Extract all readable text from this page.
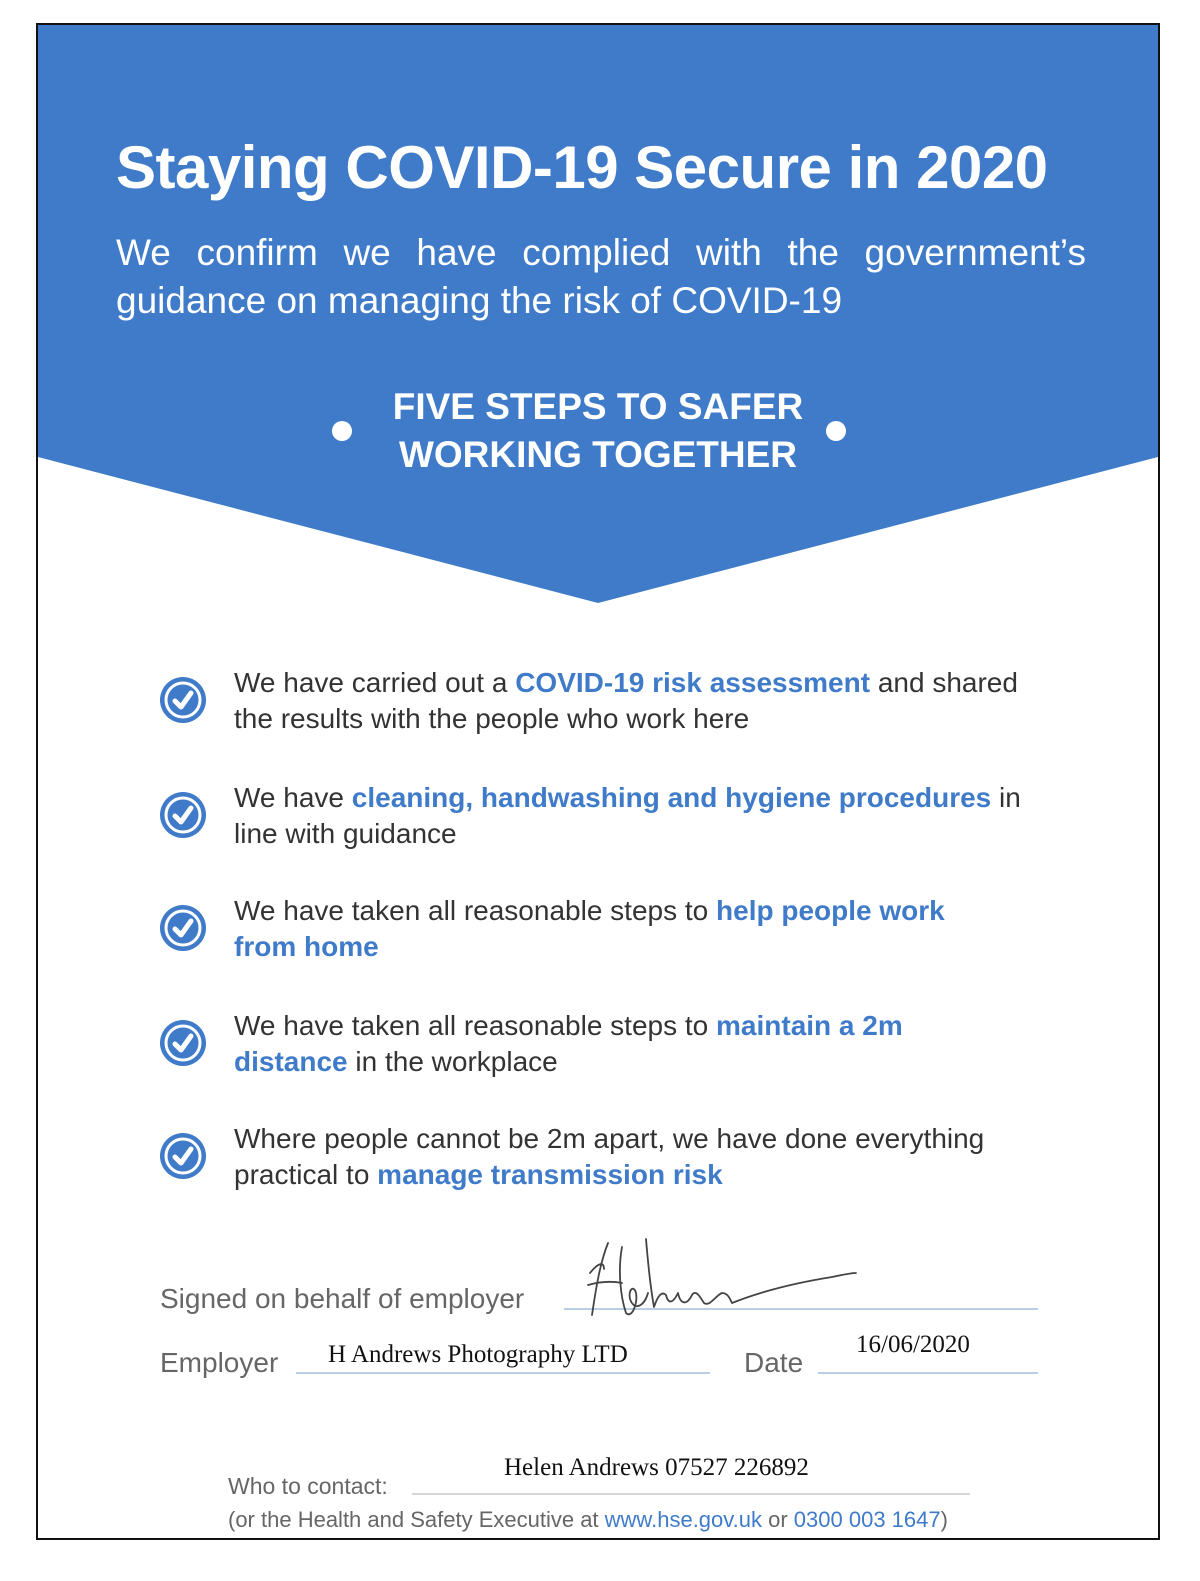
Staying COVID-19 Secure in 2020
We confirm we have complied with the government’s guidance on managing the risk of COVID-19
FIVE STEPS TO SAFER
WORKING TOGETHER
We have carried out a COVID-19 risk assessment and shared the results with the people who work here
We have cleaning, handwashing and hygiene procedures in line with guidance
We have taken all reasonable steps to help people work from home
We have taken all reasonable steps to maintain a 2m distance in the workplace
Where people cannot be 2m apart, we have done everything practical to manage transmission risk
Signed on behalf of employer
Employer H Andrews Photography LTD	Date
16/06/2020
Who to contact:
Helen Andrews 07527 226892
(or the Health and Safety Executive at www.hse.gov.uk or 0300 003 1647)
